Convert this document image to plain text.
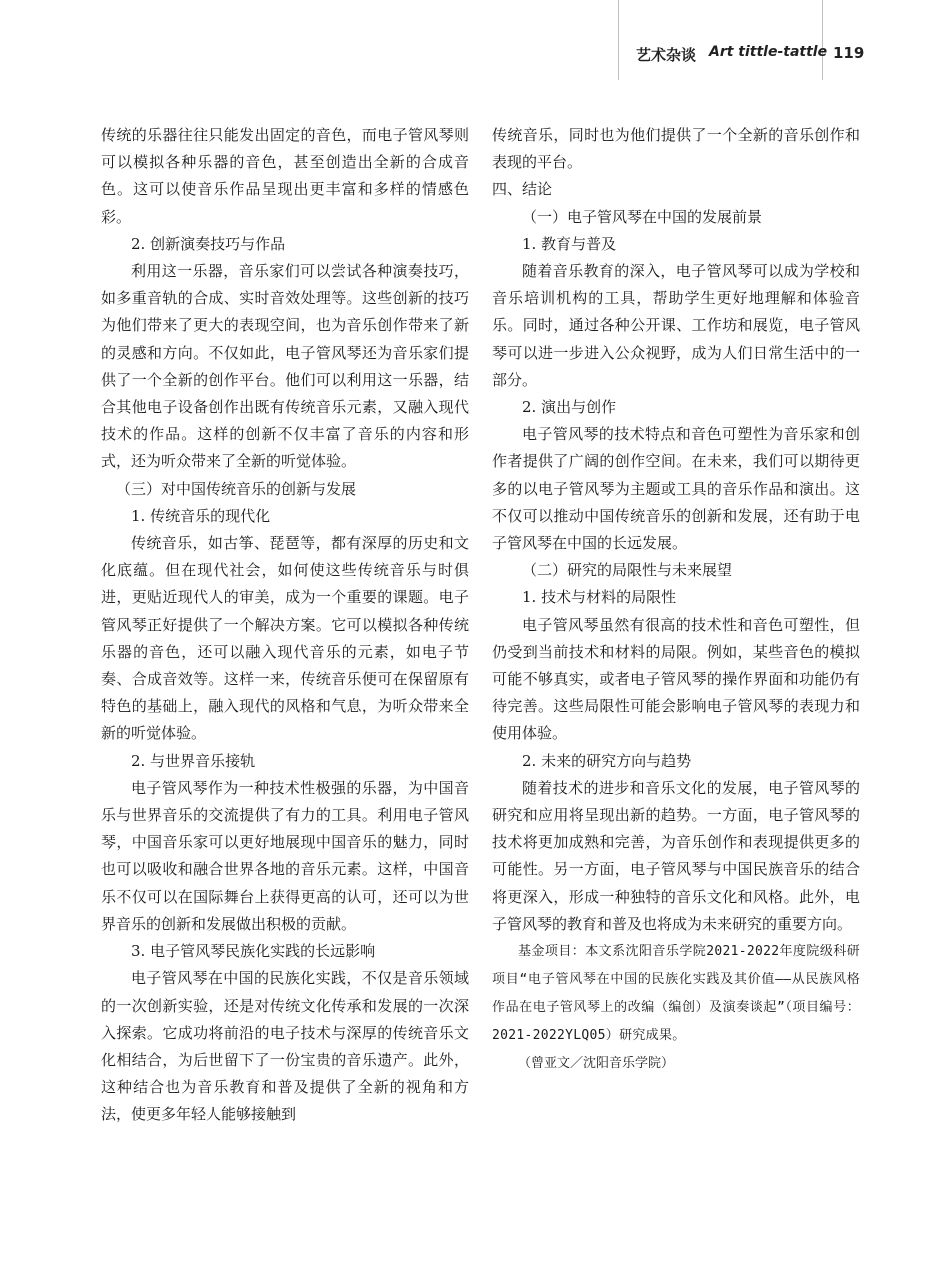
艺术杂谈 Art tittle-tattle 119

传统的乐器往往只能发出固定的音色，而电子管风琴则可以模拟各种乐器的音色，甚至创造出全新的合成音色。这可以使音乐作品呈现出更丰富和多样的情感色彩。

2. 创新演奏技巧与作品

利用这一乐器，音乐家们可以尝试各种演奏技巧，如多重音轨的合成、实时音效处理等。这些创新的技巧为他们带来了更大的表现空间，也为音乐创作带来了新的灵感和方向。不仅如此，电子管风琴还为音乐家们提供了一个全新的创作平台。他们可以利用这一乐器，结合其他电子设备创作出既有传统音乐元素，又融入现代技术的作品。这样的创新不仅丰富了音乐的内容和形式，还为听众带来了全新的听觉体验。

（三）对中国传统音乐的创新与发展

1. 传统音乐的现代化

传统音乐，如古筝、琵琶等，都有深厚的历史和文化底蕴。但在现代社会，如何使这些传统音乐与时俱进，更贴近现代人的审美，成为一个重要的课题。电子管风琴正好提供了一个解决方案。它可以模拟各种传统乐器的音色，还可以融入现代音乐的元素，如电子节奏、合成音效等。这样一来，传统音乐便可在保留原有特色的基础上，融入现代的风格和气息，为听众带来全新的听觉体验。

2. 与世界音乐接轨

电子管风琴作为一种技术性极强的乐器，为中国音乐与世界音乐的交流提供了有力的工具。利用电子管风琴，中国音乐家可以更好地展现中国音乐的魅力，同时也可以吸收和融合世界各地的音乐元素。这样，中国音乐不仅可以在国际舞台上获得更高的认可，还可以为世界音乐的创新和发展做出积极的贡献。

3. 电子管风琴民族化实践的长远影响

电子管风琴在中国的民族化实践，不仅是音乐领域的一次创新实验，还是对传统文化传承和发展的一次深入探索。它成功将前沿的电子技术与深厚的传统音乐文化相结合，为后世留下了一份宝贵的音乐遗产。此外，这种结合也为音乐教育和普及提供了全新的视角和方法，使更多年轻人能够接触到

传统音乐，同时也为他们提供了一个全新的音乐创作和表现的平台。

四、结论

（一）电子管风琴在中国的发展前景

1. 教育与普及

随着音乐教育的深入，电子管风琴可以成为学校和音乐培训机构的工具，帮助学生更好地理解和体验音乐。同时，通过各种公开课、工作坊和展览，电子管风琴可以进一步进入公众视野，成为人们日常生活中的一部分。

2. 演出与创作

电子管风琴的技术特点和音色可塑性为音乐家和创作者提供了广阔的创作空间。在未来，我们可以期待更多的以电子管风琴为主题或工具的音乐作品和演出。这不仅可以推动中国传统音乐的创新和发展，还有助于电子管风琴在中国的长远发展。

（二）研究的局限性与未来展望

1. 技术与材料的局限性

电子管风琴虽然有很高的技术性和音色可塑性，但仍受到当前技术和材料的局限。例如，某些音色的模拟可能不够真实，或者电子管风琴的操作界面和功能仍有待完善。这些局限性可能会影响电子管风琴的表现力和使用体验。

2. 未来的研究方向与趋势

随着技术的进步和音乐文化的发展，电子管风琴的研究和应用将呈现出新的趋势。一方面，电子管风琴的技术将更加成熟和完善，为音乐创作和表现提供更多的可能性。另一方面，电子管风琴与中国民族音乐的结合将更深入，形成一种独特的音乐文化和风格。此外，电子管风琴的教育和普及也将成为未来研究的重要方向。

基金项目：本文系沈阳音乐学院2021-2022年度院级科研项目“电子管风琴在中国的民族化实践及其价值——从民族风格作品在电子管风琴上的改编（编创）及演奏谈起”（项目编号：2021-2022YLQ05）研究成果。

（曾亚文／沈阳音乐学院）
